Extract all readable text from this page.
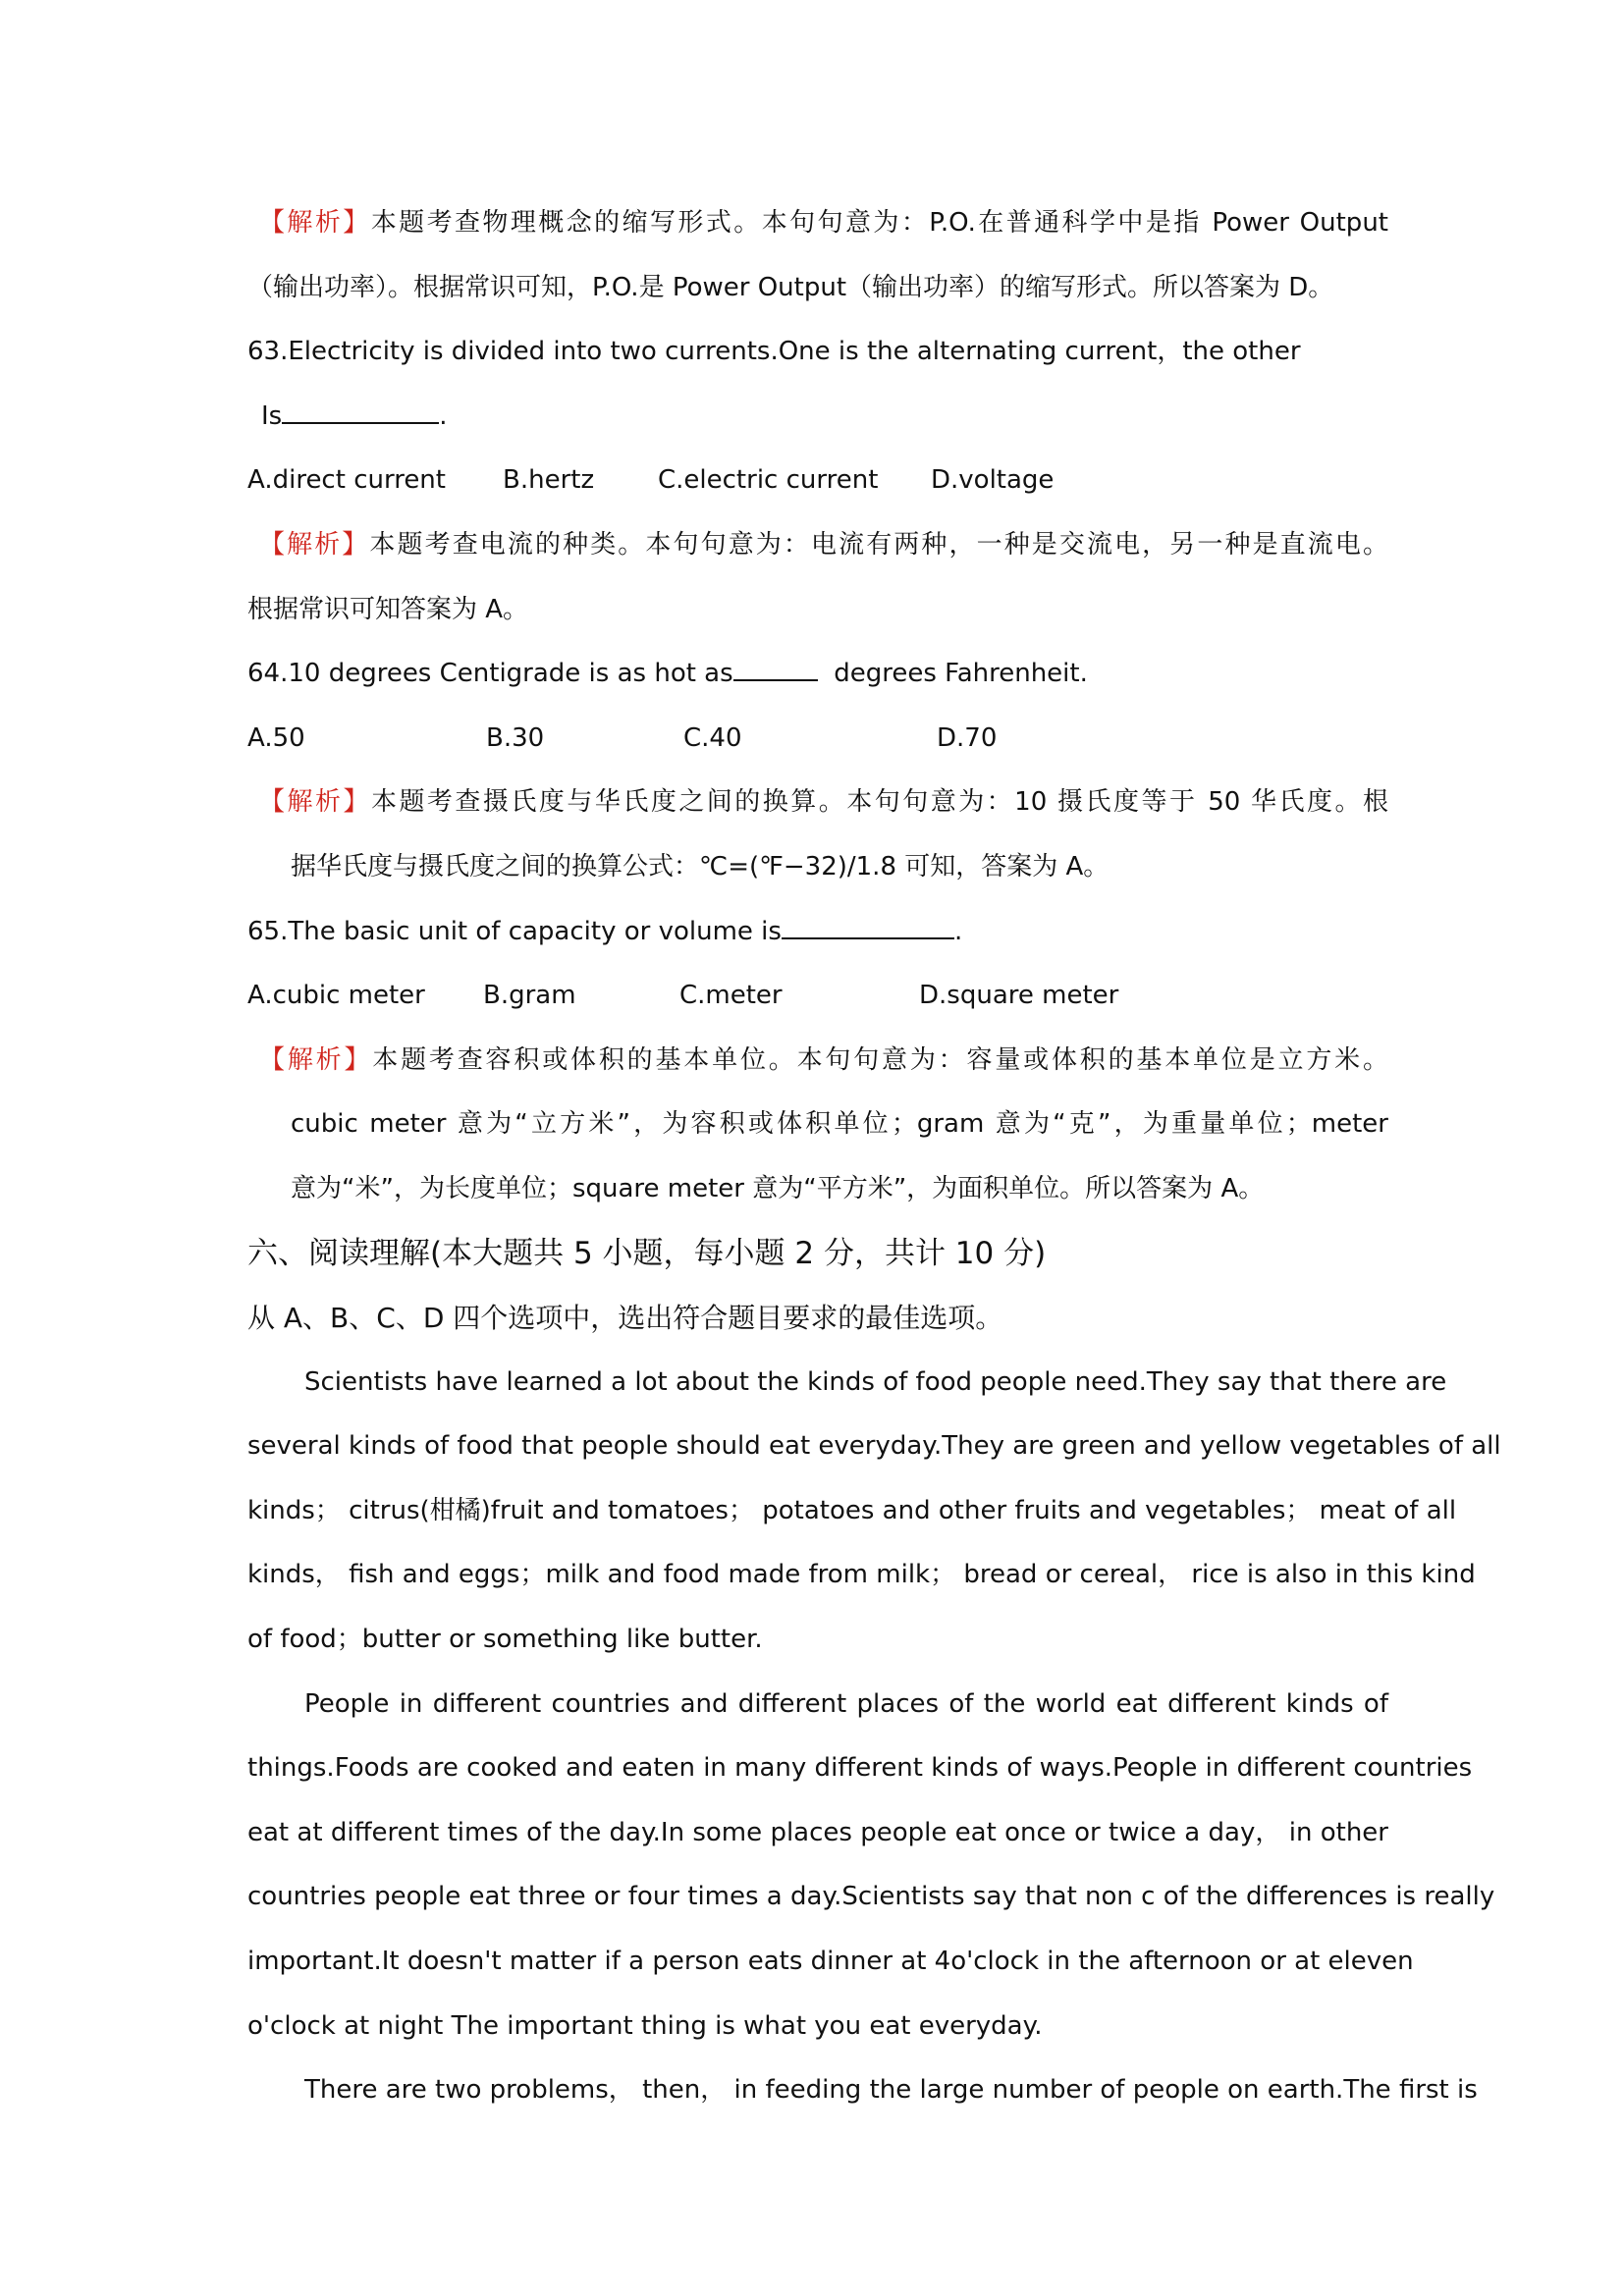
【解析】本题考查物理概念的缩写形式。本句句意为：P.O.在普通科学中是指 Power Output
（输出功率）。根据常识可知，P.O.是 Power Output（输出功率）的缩写形式。所以答案为 D。
63.Electricity is divided into two currents.One is the alternating current，the other
Is	.
A.direct current	B.hertz	C.electric current	D.voltage
【解析】本题考查电流的种类。本句句意为：电流有两种，一种是交流电，另一种是直流电。
根据常识可知答案为 A。
64.10 degrees Centigrade is as hot as	degrees Fahrenheit.
A.50	B.30	C.40	D.70
【解析】本题考查摄氏度与华氏度之间的换算。本句句意为：10 摄氏度等于 50 华氏度。根
据华氏度与摄氏度之间的换算公式：℃=(℉−32)/1.8 可知，答案为 A。
65.The basic unit of capacity or volume is	.
A.cubic meter	B.gram	C.meter	D.square meter
【解析】本题考查容积或体积的基本单位。本句句意为：容量或体积的基本单位是立方米。
cubic meter 意为“立方米”，为容积或体积单位；gram 意为“克”，为重量单位；meter
意为“米”，为长度单位；square meter 意为“平方米”，为面积单位。所以答案为 A。
六、阅读理解(本大题共 5 小题，每小题 2 分，共计 10 分)
从 A、B、C、D 四个选项中，选出符合题目要求的最佳选项。
Scientists have learned a lot about the kinds of food people need.They say that there are
several kinds of food that people should eat everyday.They are green and yellow vegetables of all
kinds； citrus(柑橘)fruit and tomatoes； potatoes and other fruits and vegetables； meat of all
kinds， fish and eggs；milk and food made from milk； bread or cereal， rice is also in this kind
of food；butter or something like butter.
People in different countries and different places of the world eat different kinds of
things.Foods are cooked and eaten in many different kinds of ways.People in different countries
eat at different times of the day.In some places people eat once or twice a day， in other
countries people eat three or four times a day.Scientists say that non c of the differences is really
important.It doesn't matter if a person eats dinner at 4o'clock in the afternoon or at eleven
o'clock at night The important thing is what you eat everyday.
There are two problems， then， in feeding the large number of people on earth.The first is
